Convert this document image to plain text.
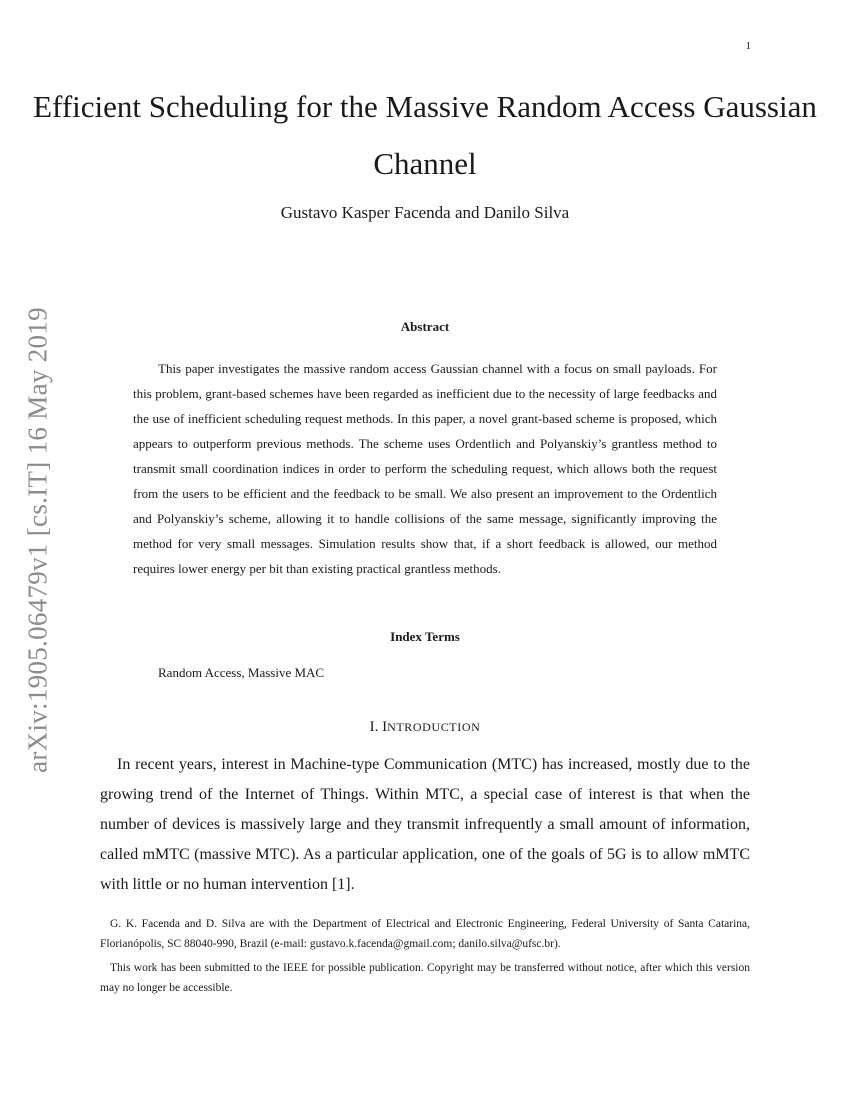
1
arXiv:1905.06479v1 [cs.IT] 16 May 2019
Efficient Scheduling for the Massive Random Access Gaussian Channel
Gustavo Kasper Facenda and Danilo Silva
Abstract

This paper investigates the massive random access Gaussian channel with a focus on small payloads. For this problem, grant-based schemes have been regarded as inefficient due to the necessity of large feedbacks and the use of inefficient scheduling request methods. In this paper, a novel grant-based scheme is proposed, which appears to outperform previous methods. The scheme uses Ordentlich and Polyanskiy’s grantless method to transmit small coordination indices in order to perform the scheduling request, which allows both the request from the users to be efficient and the feedback to be small. We also present an improvement to the Ordentlich and Polyanskiy’s scheme, allowing it to handle collisions of the same message, significantly improving the method for very small messages. Simulation results show that, if a short feedback is allowed, our method requires lower energy per bit than existing practical grantless methods.

Index Terms
Random Access, Massive MAC
I. INTRODUCTION

In recent years, interest in Machine-type Communication (MTC) has increased, mostly due to the growing trend of the Internet of Things. Within MTC, a special case of interest is that when the number of devices is massively large and they transmit infrequently a small amount of information, called mMTC (massive MTC). As a particular application, one of the goals of 5G is to allow mMTC with little or no human intervention [1].

G. K. Facenda and D. Silva are with the Department of Electrical and Electronic Engineering, Federal University of Santa Catarina, Florianópolis, SC 88040-990, Brazil (e-mail: gustavo.k.facenda@gmail.com; danilo.silva@ufsc.br).

This work has been submitted to the IEEE for possible publication. Copyright may be transferred without notice, after which this version may no longer be accessible.
